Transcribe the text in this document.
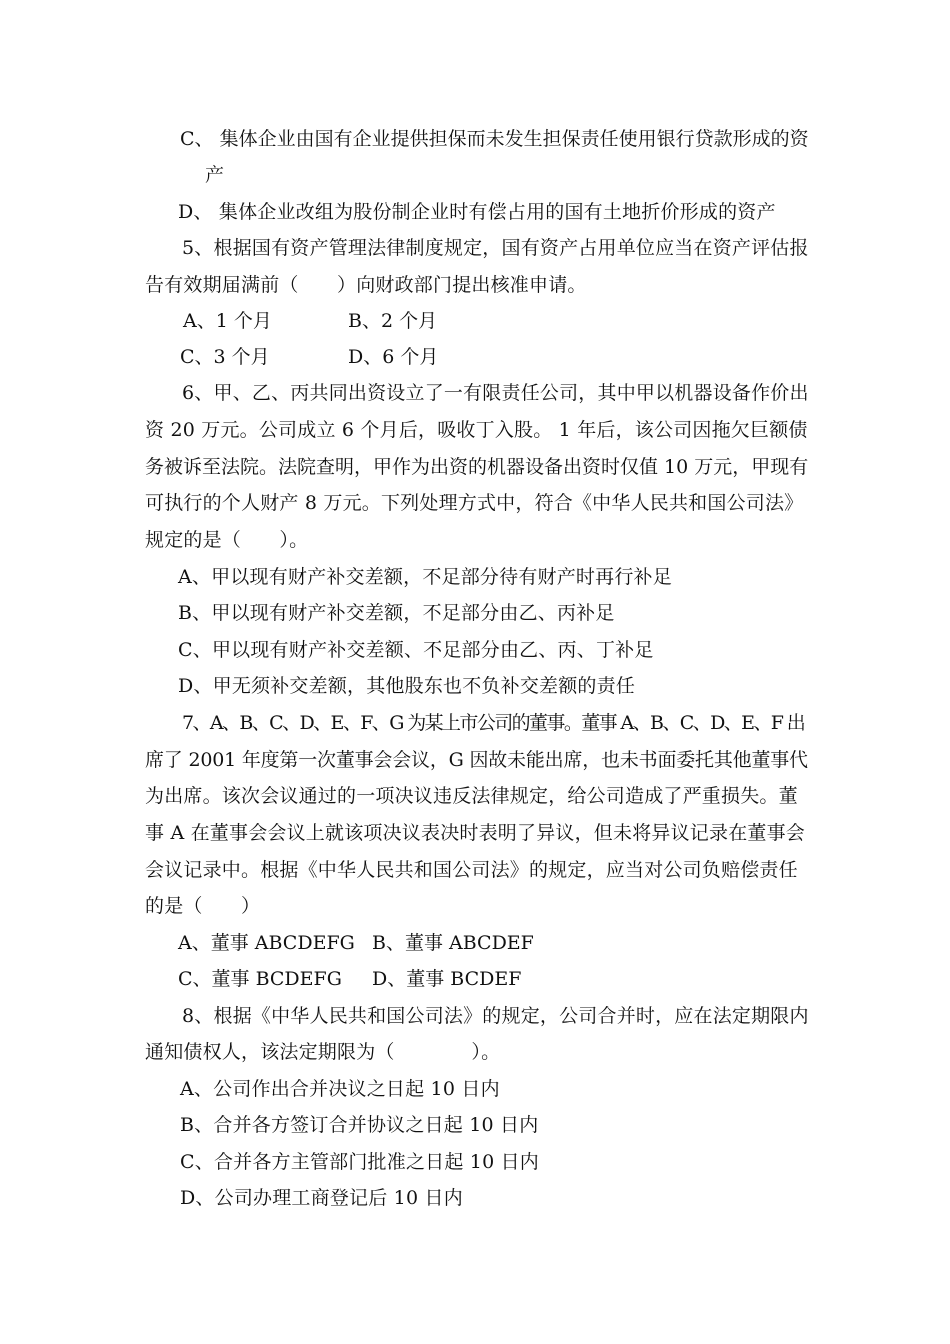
C、 集体企业由国有企业提供担保而未发生担保责任使用银行贷款形成的资
产
D、 集体企业改组为股份制企业时有偿占用的国有土地折价形成的资产
5、根据国有资产管理法律制度规定，国有资产占用单位应当在资产评估报
告有效期届满前（　　）向财政部门提出核准申请。
A、1 个月	B、2 个月
C、3 个月	D、6 个月
6、甲、乙、丙共同出资设立了一有限责任公司，其中甲以机器设备作价出
资 20 万元。公司成立 6 个月后，吸收丁入股。 1 年后，该公司因拖欠巨额债
务被诉至法院。法院查明，甲作为出资的机器设备出资时仅值 10 万元，甲现有
可执行的个人财产 8 万元。下列处理方式中，符合《中华人民共和国公司法》
规定的是（　　）。
A、甲以现有财产补交差额，不足部分待有财产时再行补足
B、甲以现有财产补交差额，不足部分由乙、丙补足
C、甲以现有财产补交差额、不足部分由乙、丙、丁补足
D、甲无须补交差额，其他股东也不负补交差额的责任
7、A、B、C、D、E、F、G 为某上市公司的董事。董事 A、B、C、D、E、F 出
席了 2001 年度第一次董事会会议，G 因故未能出席，也未书面委托其他董事代
为出席。该次会议通过的一项决议违反法律规定，给公司造成了严重损失。董
事 A 在董事会会议上就该项决议表决时表明了异议，但未将异议记录在董事会
会议记录中。根据《中华人民共和国公司法》的规定，应当对公司负赔偿责任
的是（　　）
A、董事 ABCDEFG B、董事 ABCDEF
C、董事 BCDEFG D、董事 BCDEF
8、根据《中华人民共和国公司法》的规定，公司合并时，应在法定期限内
通知债权人，该法定期限为（　　　　）。
A、公司作出合并决议之日起 10 日内
B、合并各方签订合并协议之日起 10 日内
C、合并各方主管部门批准之日起 10 日内
D、公司办理工商登记后 10 日内
